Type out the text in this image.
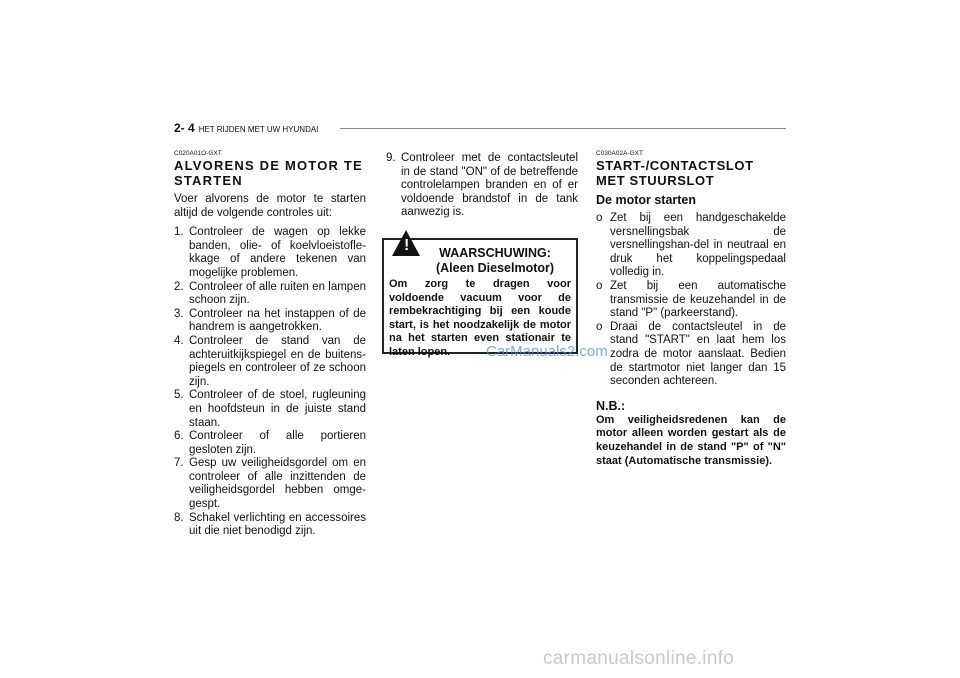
2- 4 HET RIJDEN MET UW HYUNDAI
C020A01O-GXT
ALVORENS DE MOTOR TE STARTEN

Voer alvorens de motor te starten altijd de volgende controles uit:

1. Controleer de wagen op lekke banden, olie- of koelvloeistofle-kkage of andere tekenen van mogelijke problemen.
2. Controleer of alle ruiten en lampen schoon zijn.
3. Controleer na het instappen of de handrem is aangetrokken.
4. Controleer de stand van de achteruitkijkspiegel en de buitens-piegels en controleer of ze schoon zijn.
5. Controleer of de stoel, rugleuning en hoofdsteun in de juiste stand staan.
6. Controleer of alle portieren gesloten zijn.
7. Gesp uw veiligheidsgordel om en controleer of alle inzittenden de veiligheidsgordel hebben omge-gespt.
8. Schakel verlichting en accessoires uit die niet benodigd zijn.
9. Controleer met de contactsleutel in de stand "ON" of de betreffende controlelampen branden en of er voldoende brandstof in de tank aanwezig is.
!	WAARSCHUWING: (Aleen Dieselmotor)
Om zorg te dragen voor voldoende vacuum voor de rembekrachtiging bij een koude start, is het noodzakelijk de motor na het starten even stationair te laten lopen.
C030A02A-GXT
START-/CONTACTSLOT MET STUURSLOT
De motor starten
o Zet bij een handgeschakelde versnellingsbak de versnellingshan-del in neutraal en druk het koppelingspedaal volledig in.
o Zet bij een automatische transmissie de keuzehandel in de stand "P" (parkeerstand).
o Draai de contactsleutel in de stand "START" en laat hem los zodra de motor aanslaat. Bedien de startmotor niet langer dan 15 seconden achtereen.
N.B.:
Om veiligheidsredenen kan de motor alleen worden gestart als de keuzehandel in de stand "P" of "N" staat (Automatische transmissie).
CarManuals2.com
carmanualsonline.info
